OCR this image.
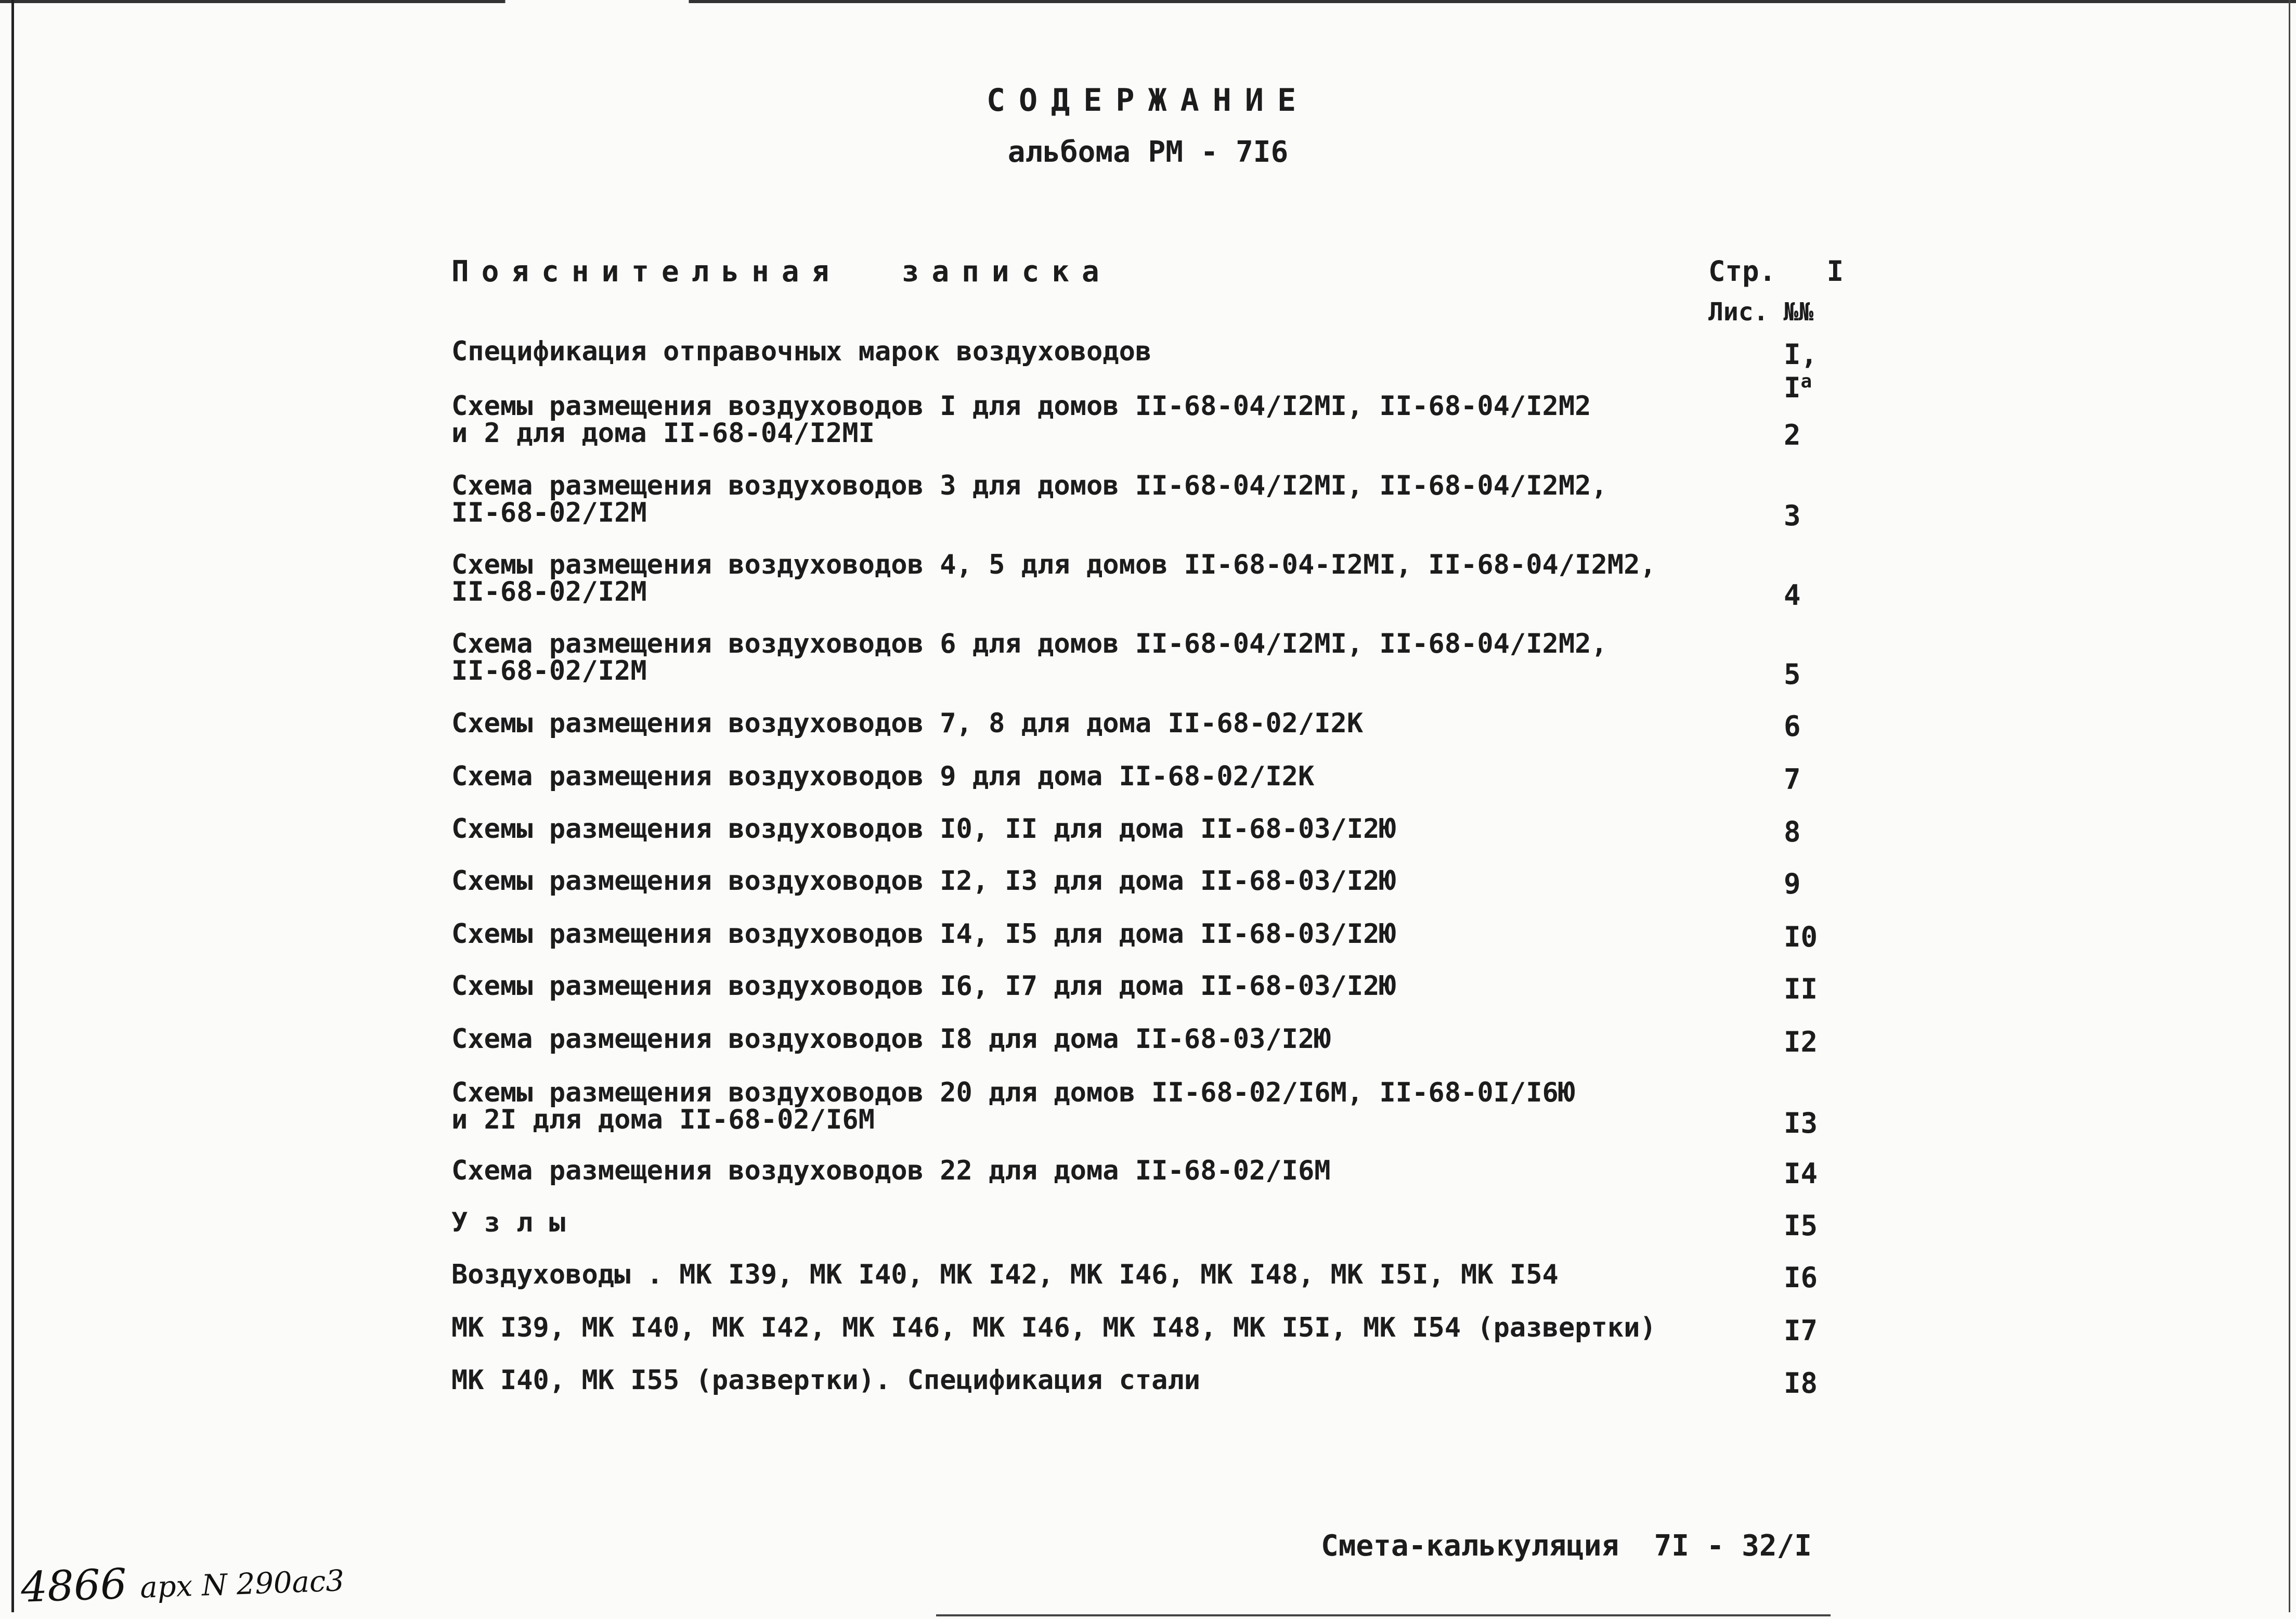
СОДЕРЖАНИЕ
альбома РМ - 7I6
Пояснительная  записка	Стр. I
Лис. №№
Спецификация отправочных марок воздуховодов	I, $I^а$
Схемы размещения воздуховодов I для домов II-68-04/I2МI, II-68-04/I2М2
и 2 для дома II-68-04/I2МI	2
Схема размещения воздуховодов 3 для домов II-68-04/I2МI, II-68-04/I2М2,
II-68-02/I2М	3
Схемы размещения воздуховодов 4, 5 для домов II-68-04-I2МI, II-68-04/I2М2,
II-68-02/I2М	4
Схема размещения воздуховодов 6 для домов II-68-04/I2МI, II-68-04/I2М2,
II-68-02/I2М	5
Схемы размещения воздуховодов 7, 8 для дома II-68-02/I2К	6
Схема размещения воздуховодов 9 для дома II-68-02/I2К	7
Схемы размещения воздуховодов I0, II для дома II-68-03/I2Ю	8
Схемы размещения воздуховодов I2, I3 для дома II-68-03/I2Ю	9
Схемы размещения воздуховодов I4, I5 для дома II-68-03/I2Ю	I0
Схемы размещения воздуховодов I6, I7 для дома II-68-03/I2Ю	II
Схема размещения воздуховодов I8 для дома II-68-03/I2Ю	I2
Схемы размещения воздуховодов 20 для домов II-68-02/I6М, II-68-0I/I6Ю
и 2I для дома II-68-02/I6М	I3
Схема размещения воздуховодов 22 для дома II-68-02/I6М	I4
У з л ы	I5
Воздуховоды . МК I39, МК I40, МК I42, МК I46, МК I48, МК I5I, МК I54	I6
МК I39, МК I40, МК I42, МК I46, МК I46, МК I48, МК I5I, МК I54 (развертки)	I7
МК I40, МК I55 (развертки). Спецификация стали	I8
Смета-калькуляция  7I - 32/I
4866 арх N 290ас3
